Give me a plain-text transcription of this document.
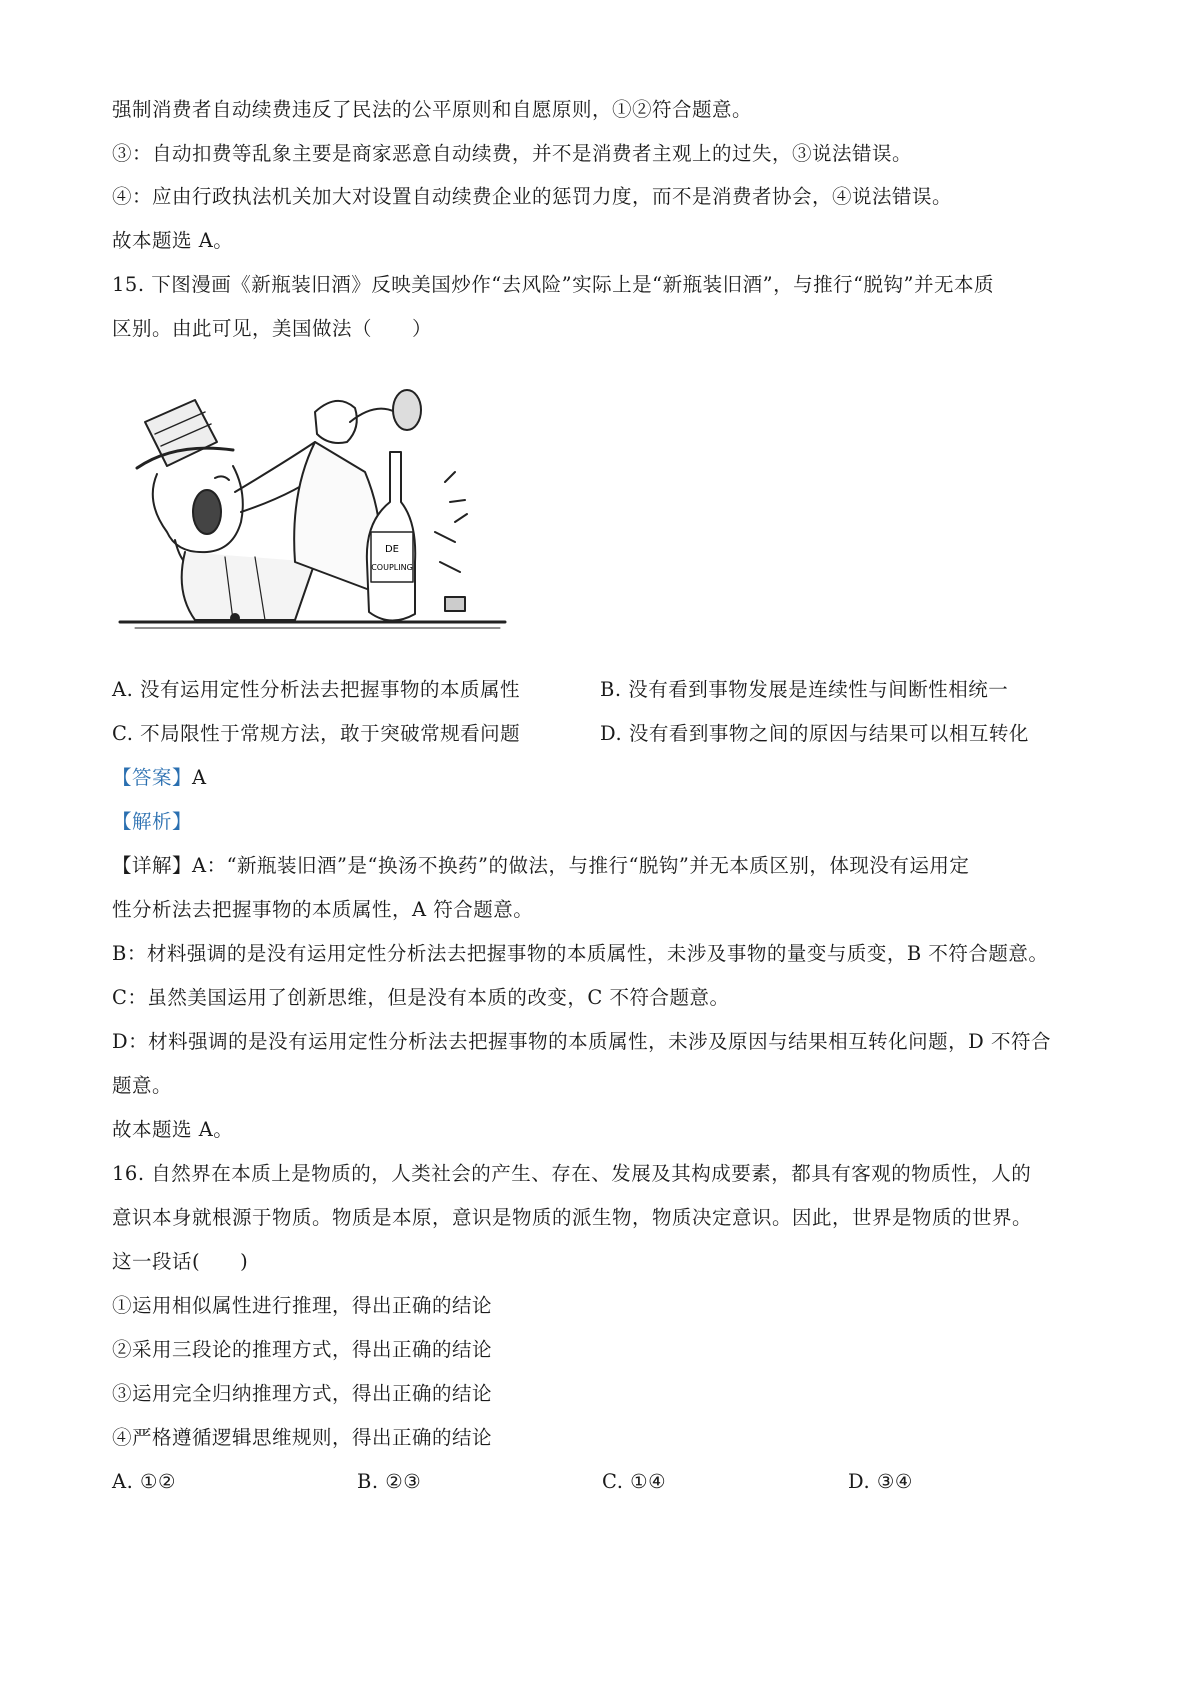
强制消费者自动续费违反了民法的公平原则和自愿原则，①②符合题意。
③：自动扣费等乱象主要是商家恶意自动续费，并不是消费者主观上的过失，③说法错误。
④：应由行政执法机关加大对设置自动续费企业的惩罚力度，而不是消费者协会，④说法错误。
故本题选 A。
15. 下图漫画《新瓶装旧酒》反映美国炒作“去风险”实际上是“新瓶装旧酒”，与推行“脱钩”并无本质
区别。由此可见，美国做法（　　）
DE
COUPLING
A. 没有运用定性分析法去把握事物的本质属性	B. 没有看到事物发展是连续性与间断性相统一
C. 不局限性于常规方法，敢于突破常规看问题	D. 没有看到事物之间的原因与结果可以相互转化
【答案】A
【解析】
【详解】A：“新瓶装旧酒”是“换汤不换药”的做法，与推行“脱钩”并无本质区别，体现没有运用定
性分析法去把握事物的本质属性，A 符合题意。
B：材料强调的是没有运用定性分析法去把握事物的本质属性，未涉及事物的量变与质变，B 不符合题意。
C：虽然美国运用了创新思维，但是没有本质的改变，C 不符合题意。
D：材料强调的是没有运用定性分析法去把握事物的本质属性，未涉及原因与结果相互转化问题，D 不符合
题意。
故本题选 A。
16. 自然界在本质上是物质的，人类社会的产生、存在、发展及其构成要素，都具有客观的物质性，人的
意识本身就根源于物质。物质是本原，意识是物质的派生物，物质决定意识。因此，世界是物质的世界。
这一段话(　　)
①运用相似属性进行推理，得出正确的结论
②采用三段论的推理方式，得出正确的结论
③运用完全归纳推理方式，得出正确的结论
④严格遵循逻辑思维规则，得出正确的结论
A. ①②	B. ②③	C. ①④	D. ③④
